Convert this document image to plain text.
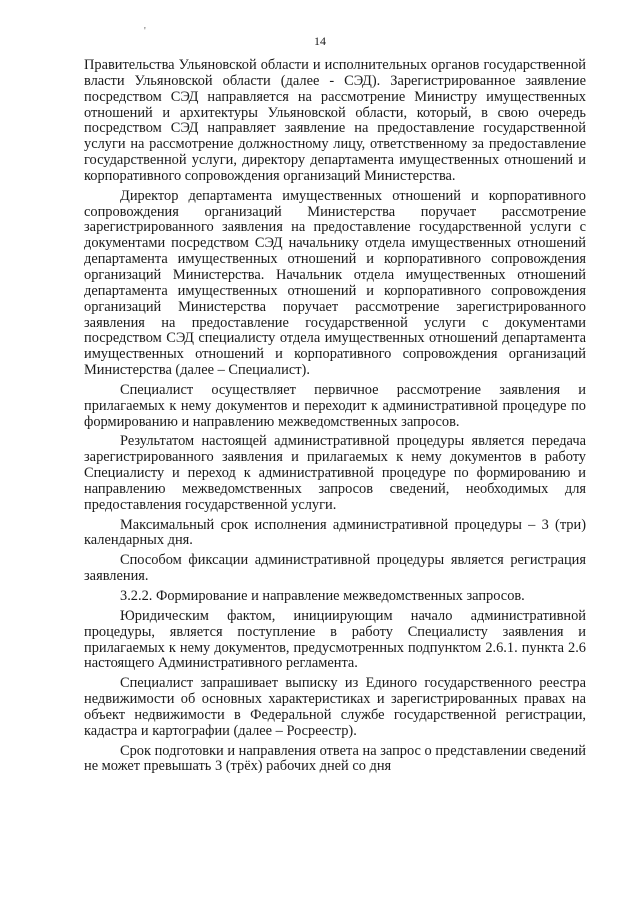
'
14

Правительства Ульяновской области и исполнительных органов государственной власти Ульяновской области (далее - СЭД). Зарегистрированное заявление посредством СЭД направляется на рассмотрение Министру имущественных отношений и архитектуры Ульяновской области, который, в свою очередь посредством СЭД направляет заявление на предоставление государственной услуги на рассмотрение должностному лицу, ответственному за предоставление государственной услуги, директору департамента имущественных отношений и корпоративного сопровождения организаций Министерства.

Директор департамента имущественных отношений и корпоративного сопровождения организаций Министерства поручает рассмотрение зарегистрированного заявления на предоставление государственной услуги с документами посредством СЭД начальнику отдела имущественных отношений департамента имущественных отношений и корпоративного сопровождения организаций Министерства. Начальник отдела имущественных отношений департамента имущественных отношений и корпоративного сопровождения организаций Министерства поручает рассмотрение зарегистрированного заявления на предоставление государственной услуги с документами посредством СЭД специалисту отдела имущественных отношений департамента имущественных отношений и корпоративного сопровождения организаций Министерства (далее – Специалист).

Специалист осуществляет первичное рассмотрение заявления и прилагаемых к нему документов и переходит к административной процедуре по формированию и направлению межведомственных запросов.

Результатом настоящей административной процедуры является передача зарегистрированного заявления и прилагаемых к нему документов в работу Специалисту и переход к административной процедуре по формированию и направлению межведомственных запросов сведений, необходимых для предоставления государственной услуги.

Максимальный срок исполнения административной процедуры – 3 (три) календарных дня.

Способом фиксации административной процедуры является регистрация заявления.

3.2.2. Формирование и направление межведомственных запросов.

Юридическим фактом, инициирующим начало административной процедуры, является поступление в работу Специалисту заявления и прилагаемых к нему документов, предусмотренных подпунктом 2.6.1. пункта 2.6 настоящего Административного регламента.

Специалист запрашивает выписку из Единого государственного реестра недвижимости об основных характеристиках и зарегистрированных правах на объект недвижимости в Федеральной службе государственной регистрации, кадастра и картографии (далее – Росреестр).

Срок подготовки и направления ответа на запрос о представлении сведений не может превышать 3 (трёх) рабочих дней со дня
